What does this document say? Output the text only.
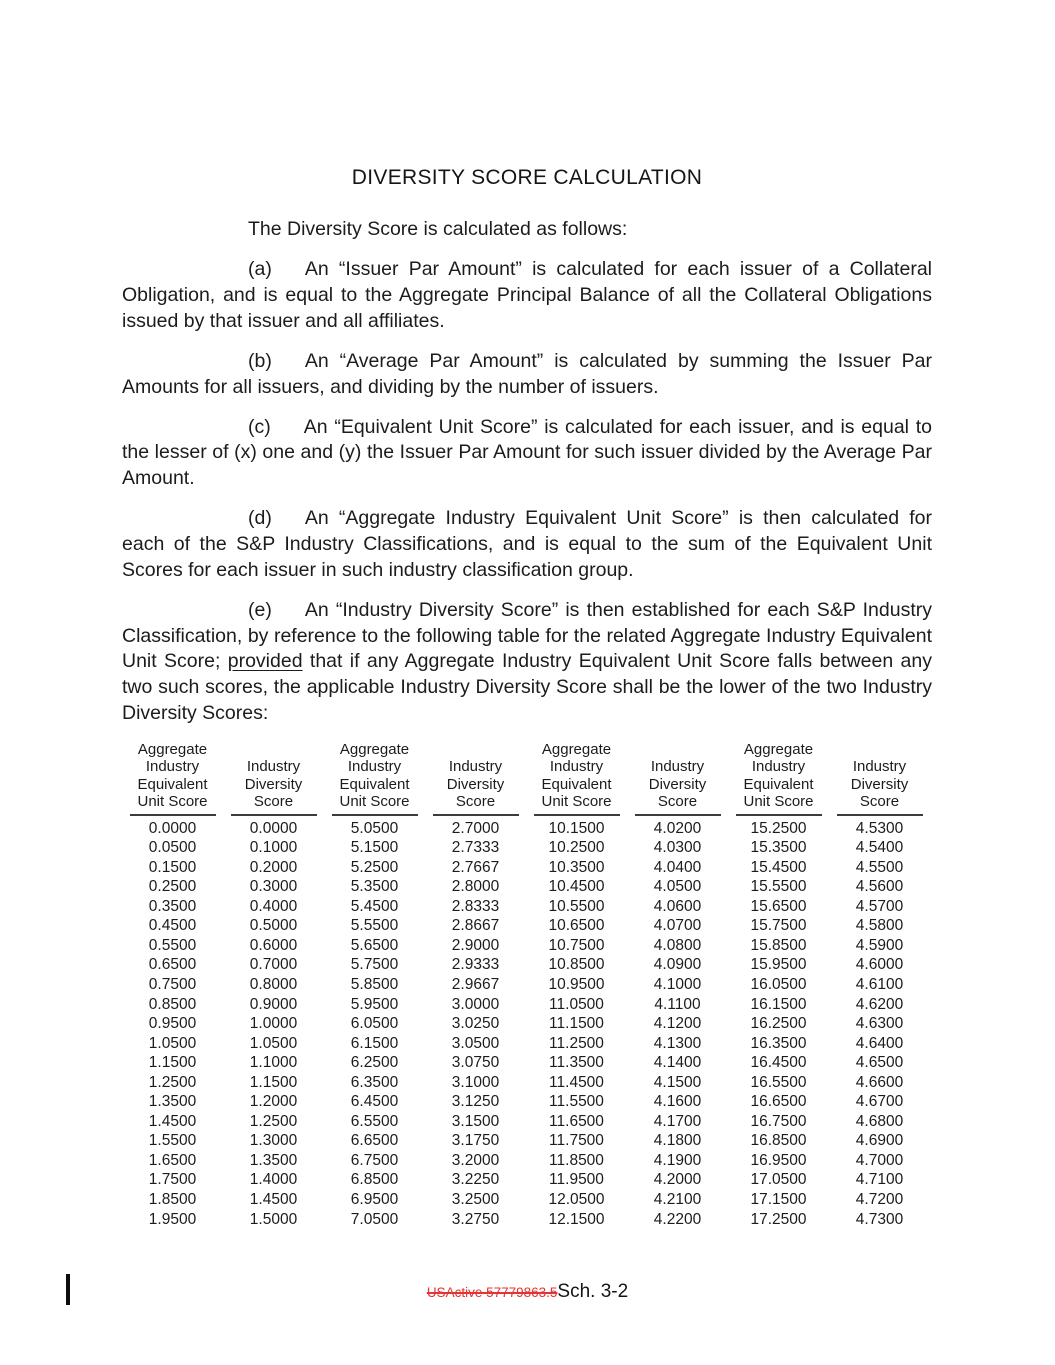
DIVERSITY SCORE CALCULATION

The Diversity Score is calculated as follows:

(a) An “Issuer Par Amount” is calculated for each issuer of a Collateral Obligation, and is equal to the Aggregate Principal Balance of all the Collateral Obligations issued by that issuer and all affiliates.

(b) An “Average Par Amount” is calculated by summing the Issuer Par Amounts for all issuers, and dividing by the number of issuers.

(c) An “Equivalent Unit Score” is calculated for each issuer, and is equal to the lesser of (x) one and (y) the Issuer Par Amount for such issuer divided by the Average Par Amount.

(d) An “Aggregate Industry Equivalent Unit Score” is then calculated for each of the S&P Industry Classifications, and is equal to the sum of the Equivalent Unit Scores for each issuer in such industry classification group.

(e) An “Industry Diversity Score” is then established for each S&P Industry Classification, by reference to the following table for the related Aggregate Industry Equivalent Unit Score; provided that if any Aggregate Industry Equivalent Unit Score falls between any two such scores, the applicable Industry Diversity Score shall be the lower of the two Industry Diversity Scores:

Aggregate
Industry
Equivalent
Unit Score	Industry
Diversity
Score	Aggregate
Industry
Equivalent
Unit Score	Industry
Diversity
Score	Aggregate
Industry
Equivalent
Unit Score	Industry
Diversity
Score	Aggregate
Industry
Equivalent
Unit Score	Industry
Diversity
Score
0.0000	0.0000	5.0500	2.7000	10.1500	4.0200	15.2500	4.5300
0.0500	0.1000	5.1500	2.7333	10.2500	4.0300	15.3500	4.5400
0.1500	0.2000	5.2500	2.7667	10.3500	4.0400	15.4500	4.5500
0.2500	0.3000	5.3500	2.8000	10.4500	4.0500	15.5500	4.5600
0.3500	0.4000	5.4500	2.8333	10.5500	4.0600	15.6500	4.5700
0.4500	0.5000	5.5500	2.8667	10.6500	4.0700	15.7500	4.5800
0.5500	0.6000	5.6500	2.9000	10.7500	4.0800	15.8500	4.5900
0.6500	0.7000	5.7500	2.9333	10.8500	4.0900	15.9500	4.6000
0.7500	0.8000	5.8500	2.9667	10.9500	4.1000	16.0500	4.6100
0.8500	0.9000	5.9500	3.0000	11.0500	4.1100	16.1500	4.6200
0.9500	1.0000	6.0500	3.0250	11.1500	4.1200	16.2500	4.6300
1.0500	1.0500	6.1500	3.0500	11.2500	4.1300	16.3500	4.6400
1.1500	1.1000	6.2500	3.0750	11.3500	4.1400	16.4500	4.6500
1.2500	1.1500	6.3500	3.1000	11.4500	4.1500	16.5500	4.6600
1.3500	1.2000	6.4500	3.1250	11.5500	4.1600	16.6500	4.6700
1.4500	1.2500	6.5500	3.1500	11.6500	4.1700	16.7500	4.6800
1.5500	1.3000	6.6500	3.1750	11.7500	4.1800	16.8500	4.6900
1.6500	1.3500	6.7500	3.2000	11.8500	4.1900	16.9500	4.7000
1.7500	1.4000	6.8500	3.2250	11.9500	4.2000	17.0500	4.7100
1.8500	1.4500	6.9500	3.2500	12.0500	4.2100	17.1500	4.7200
1.9500	1.5000	7.0500	3.2750	12.1500	4.2200	17.2500	4.7300
USActive 57779863.5Sch. 3-2
